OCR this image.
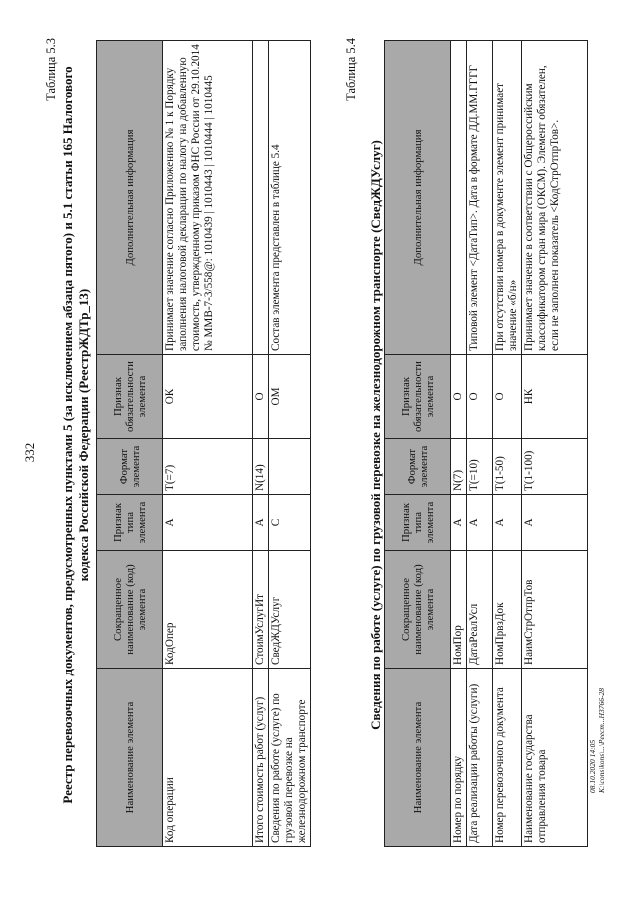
332
Таблица 5.3 Реестр перевозочных документов, предусмотренных пунктами 5 (за исключением абзаца пятого) и 5.1 статьи 165 Налогового кодекса Российской Федерации (РеестрЖДТр_13)
Наименование элемента	Сокращенное наименование (код) элемента	Признак типа элемента	Формат элемента	Признак обязательности элемента	Дополнительная информация
Код операции	КодОпер	А	T(=7)	ОК	Принимает значение согласно Приложению № 1 к Порядку заполнения налоговой декларации по налогу на добавленную стоимость, утвержденному приказом ФНС России от 29.10.2014 № ММВ-7-3/558@: 1010439 | 1010443 | 1010444 | 1010445
Итого стоимость работ (услуг)	СтоимУслугИт	А	N(14)	О	
Сведения по работе (услуге) по грузовой перевозке на железнодорожном транспорте	СведЖДУслуг	С		ОМ	Состав элемента представлен в таблице 5.4
Таблица 5.4
Сведения по работе (услуге) по грузовой перевозке на железнодорожном транспорте (СведЖДУслуг)
Наименование элемента	Сокращенное наименование (код) элемента	Признак типа элемента	Формат элемента	Признак обязательности элемента	Дополнительная информация
Номер по порядку	НомПор	А	N(7)	О	
Дата реализации работы (услуги)	ДатаРеалУсл	А	T(=10)	О	Типовой элемент <ДатаТип>. Дата в формате ДД.ММ.ГГГГ
Номер перевозочного документа	НомПрвзДок	А	T(1-50)	О	При отсутствии номера в документе элемент принимает значение «б/н»
Наименование государства отправления товара	НаимСтрОтпрТов	А	T(1-100)	НК	Принимает значение в соответствии с Общероссийским классификатором стран мира (ОКСМ). Элемент обязателен, если не заполнен показатель <КодСтрОтпрТов>.
08.10.2020 14:05 К:\cons\kons\...\Рeест...Н3766-28
